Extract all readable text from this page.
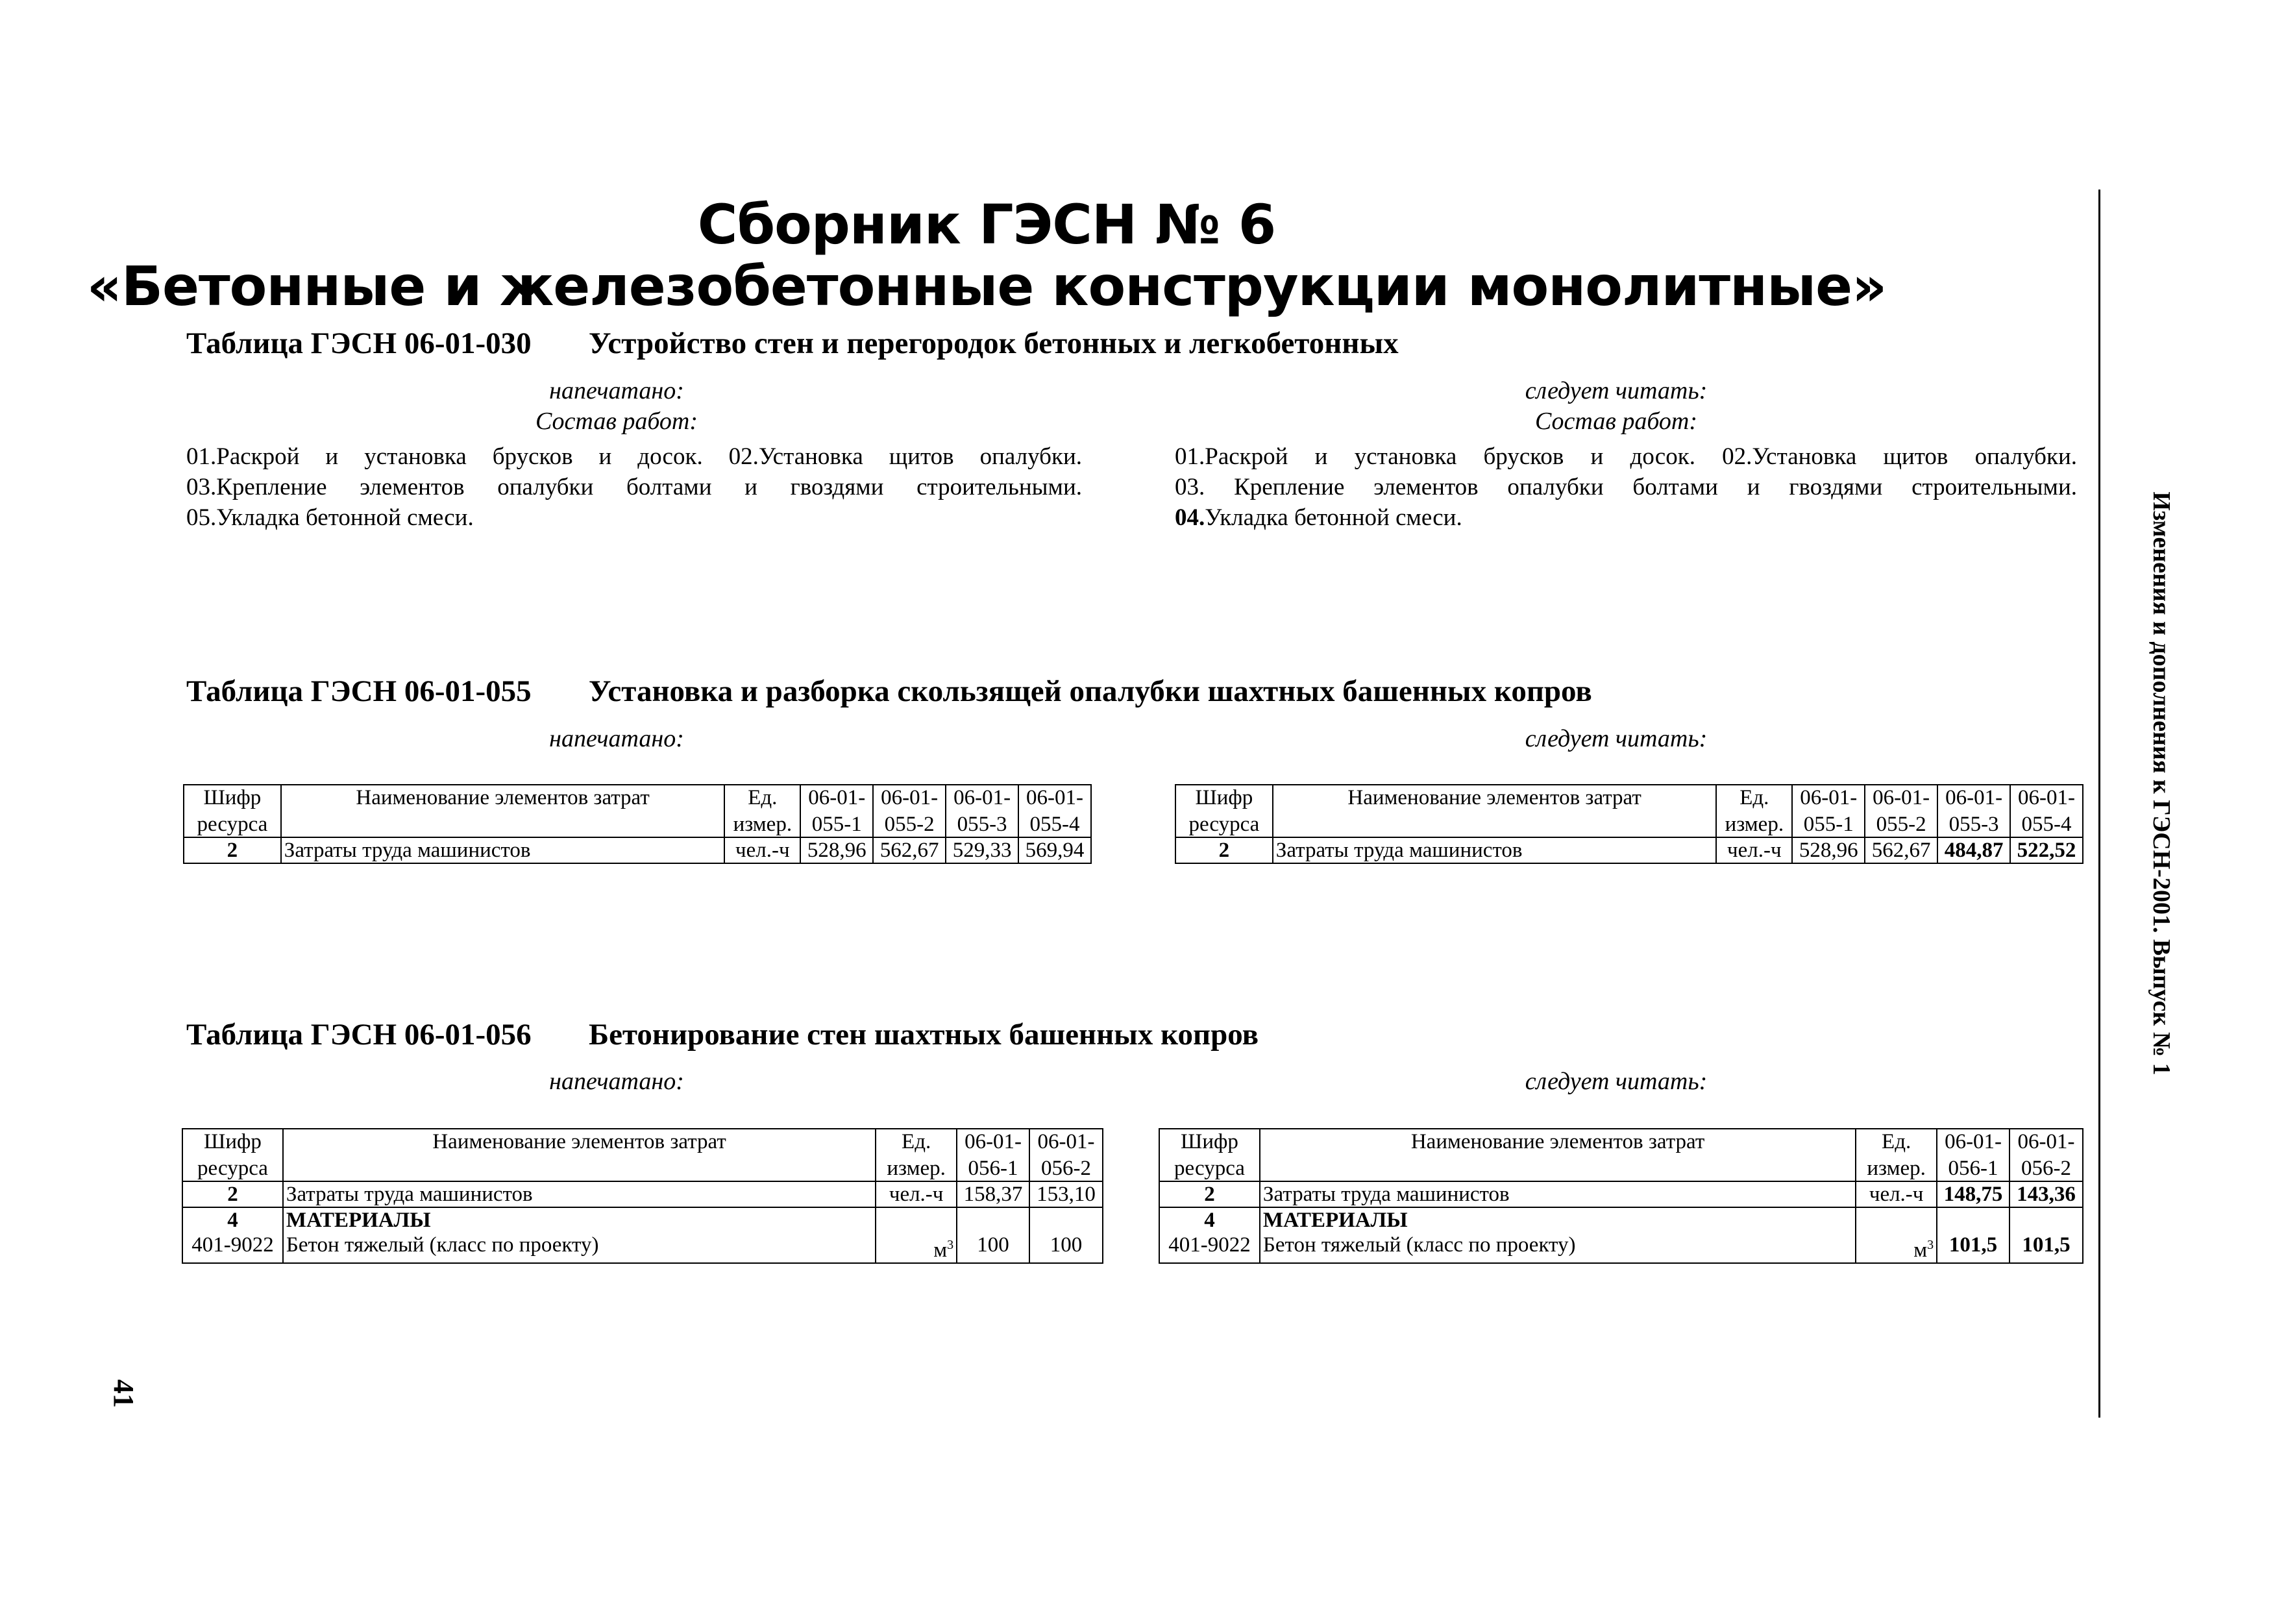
Сборник ГЭСН № 6
«Бетонные и железобетонные конструкции монолитные»
Таблица ГЭСН 06-01-030 Устройство стен и перегородок бетонных и легкобетонных
напечатано:	следует читать:
Состав работ:	Состав работ:
01.Раскрой и установка брусков и досок. 02.Установка щитов опалубки.
03.Крепление элементов опалубки болтами и гвоздями строительными.
05.Укладка бетонной смеси.
01.Раскрой и установка брусков и досок. 02.Установка щитов опалубки.
03. Крепление элементов опалубки болтами и гвоздями строительными.
04.Укладка бетонной смеси.
Таблица ГЭСН 06-01-055 Установка и разборка скользящей опалубки шахтных башенных копров
напечатано:	следует читать:
Шифр	Наименование элементов затрат	Ед.	06-01-	06-01-	06-01-	06-01-
ресурса		измер.	055-1	055-2	055-3	055-4
2	Затраты труда машинистов	чел.-ч	528,96	562,67	529,33	569,94
Шифр	Наименование элементов затрат	Ед.	06-01-	06-01-	06-01-	06-01-
ресурса		измер.	055-1	055-2	055-3	055-4
2	Затраты труда машинистов	чел.-ч	528,96	562,67	484,87	522,52
Таблица ГЭСН 06-01-056 Бетонирование стен шахтных башенных копров
напечатано:	следует читать:
Шифр	Наименование элементов затрат	Ед.	06-01-	06-01-
ресурса		измер.	056-1	056-2
2	Затраты труда машинистов	чел.-ч	158,37	153,10
4	МАТЕРИАЛЫ			
401-9022	Бетон тяжелый (класс по проекту)	$м^3$	100	100
Шифр	Наименование элементов затрат	Ед.	06-01-	06-01-
ресурса		измер.	056-1	056-2
2	Затраты труда машинистов	чел.-ч	148,75	143,36
4	МАТЕРИАЛЫ			
401-9022	Бетон тяжелый (класс по проекту)	$м^3$	101,5	101,5
Изменения и дополнения к ГЭСН-2001. Выпуск № 1
41
